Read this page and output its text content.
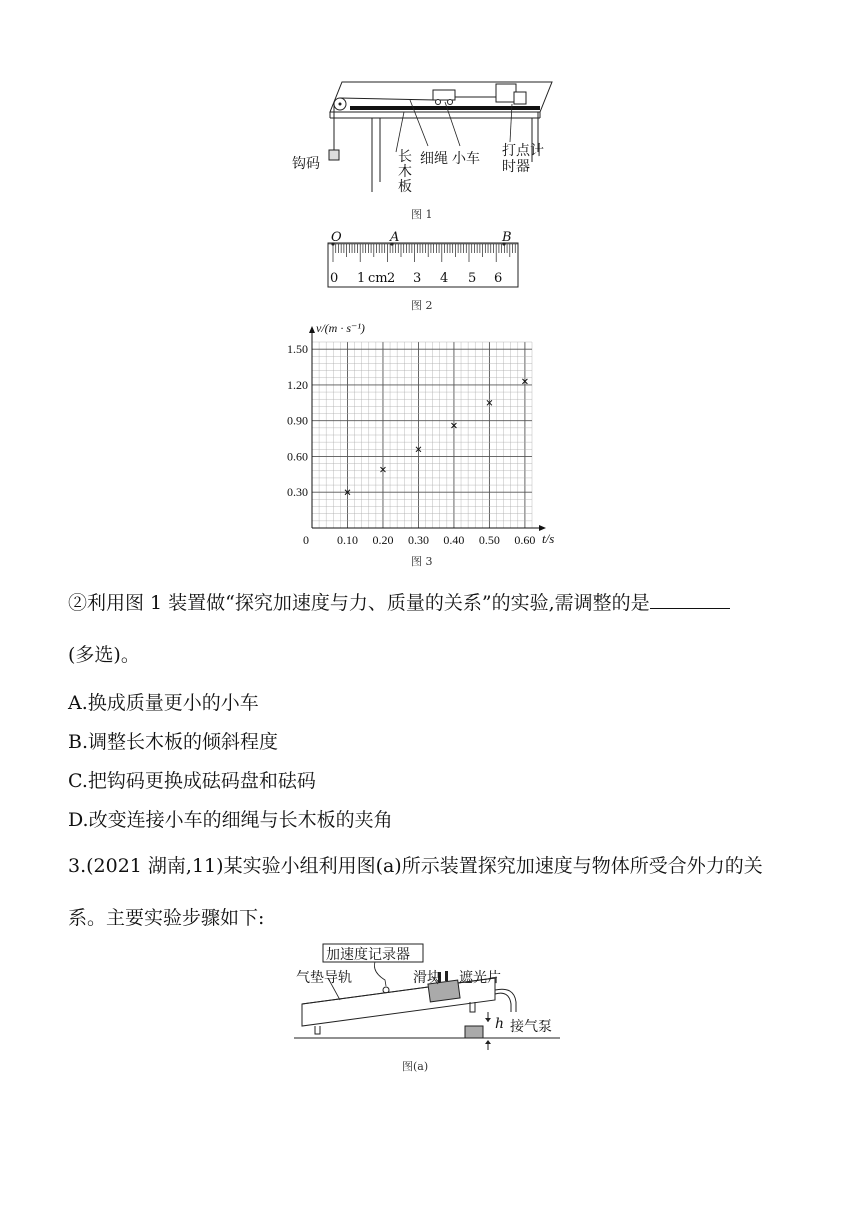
钩码	长木板
细绳 小车 打点计时器
图 1
O	A	B
0 1 cm 2 3 4 5 6
图 2
0 0.10 0.20 0.30 0.40 0.50 0.60
0.30
0.60
0.90
1.20
1.50
v/(m · s⁻¹)
t/s
图 3
②利用图 1 装置做“探究加速度与力、质量的关系”的实验,需调整的是
(多选)。
A.换成质量更小的小车
B.调整长木板的倾斜程度
C.把钩码更换成砝码盘和砝码
D.改变连接小车的细绳与长木板的夹角
3.(2021 湖南,11)某实验小组利用图(a)所示装置探究加速度与物体所受合外力的关
系。主要实验步骤如下:
加速度记录器
气垫导轨	滑块 遮光片
h 接气泵
图(a)
